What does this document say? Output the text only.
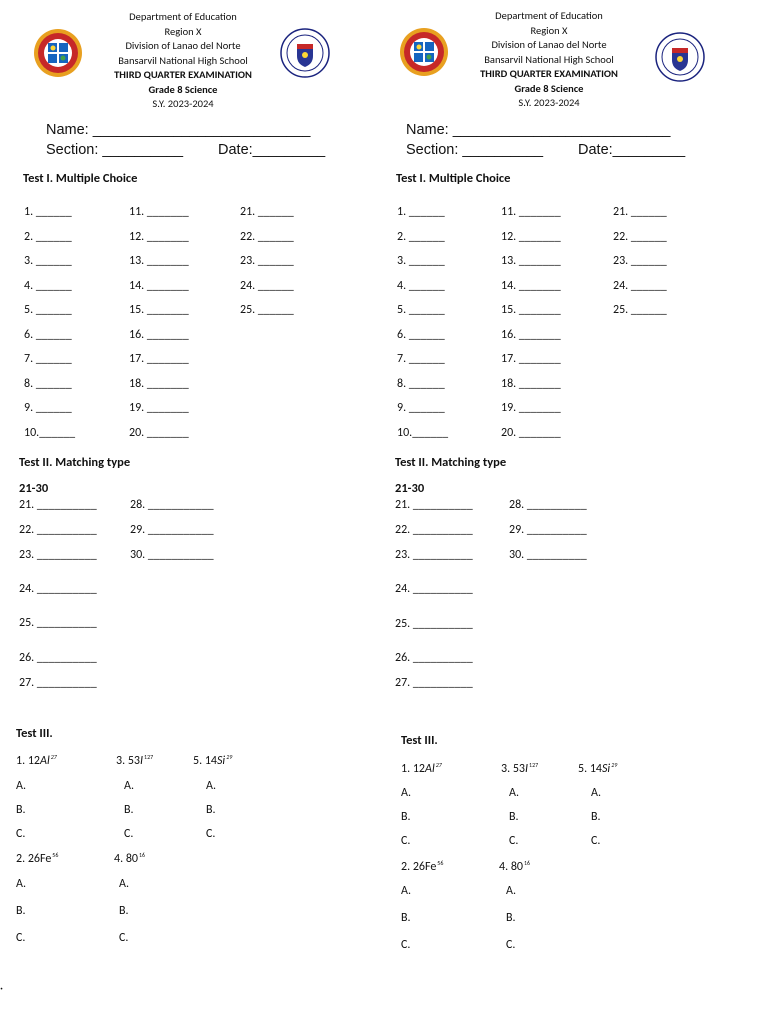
Department of Education
Region X
Division of Lanao del Norte
Bansarvil National High School
THIRD QUARTER EXAMINATION
Grade 8 Science
S.Y. 2023-2024
Name: ___________________________
Section: __________ Date:_________
Test I. Multiple Choice
1. ______
2. ______
3. ______
4. ______
5. ______
6. ______
7. ______
8. ______
9. ______
10.______
11. _______
12. _______
13. _______
14. _______
15. _______
16. _______
17. _______
18. _______
19. _______
20. _______
21. ______
22. ______
23. ______
24. ______
25. ______
Test II. Matching type
21-30
21. __________
22. __________
23. __________
24. __________
25. __________
26. __________
27. __________
28. ___________
29. ___________
30. ___________
Test III.
1. 12Al$^{27}$	3. $53I^{127}$	5. 14Si$^{29}$
A.	A.	A.
B.	B.	B.
C.	C.	C.
2. 26Fe$^{56}$	4. $80^{16}$
A.	A.
B.	B.
C.	C.
Department of Education
Region X
Division of Lanao del Norte
Bansarvil National High School
THIRD QUARTER EXAMINATION
Grade 8 Science
S.Y. 2023-2024
Name: ___________________________
Section: __________ Date:_________
Test I. Multiple Choice
1. ______
2. ______
3. ______
4. ______
5. ______
6. ______
7. ______
8. ______
9. ______
10.______
11. _______
12. _______
13. _______
14. _______
15. _______
16. _______
17. _______
18. _______
19. _______
20. _______
21. ______
22. ______
23. ______
24. ______
25. ______
Test II. Matching type
21-30
21. __________
22. __________
23. __________
24. __________
25. __________
26. __________
27. __________
28. __________
29. __________
30. __________
Test III.
1. 12Al$^{27}$	3. $53I^{127}$	5. 14Si$^{29}$
A.	A.	A.
B.	B.	B.
C.	C.	C.
2. 26Fe$^{56}$	4. $80^{16}$
A.	A.
B.	B.
C.	C.
·
